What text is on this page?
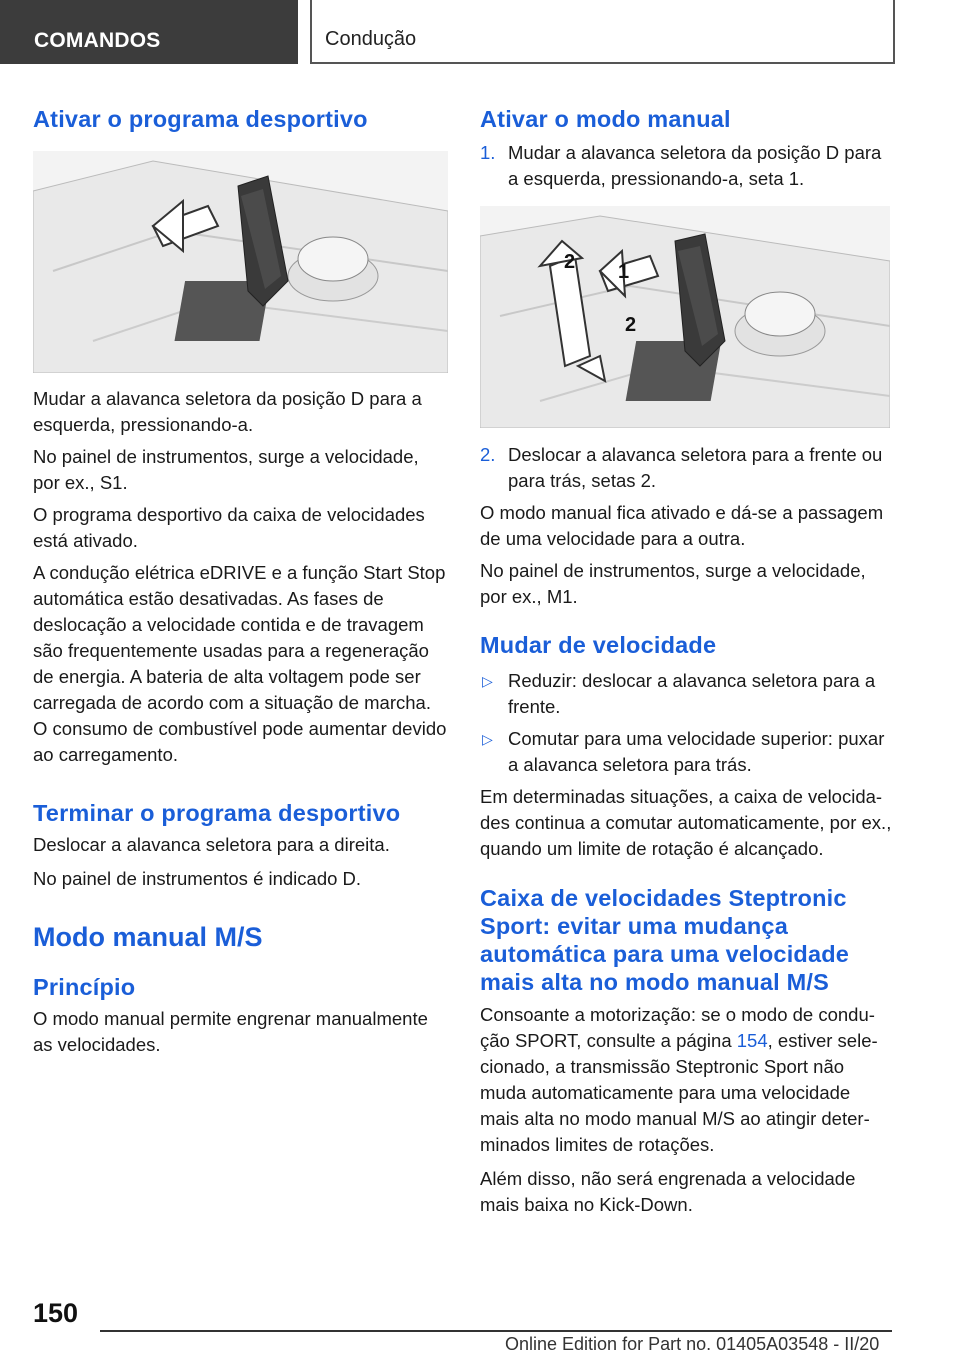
COMANDOS	Condução
Ativar o programa desportivo

Mudar a alavanca seletora da posição D para a esquerda, pressionando-a.

No painel de instrumentos, surge a velocidade, por ex., S1.

O programa desportivo da caixa de velocidades está ativado.

A condução elétrica eDRIVE e a função Start Stop automática estão desativadas. As fases de deslocação a velocidade contida e de travagem são frequentemente usadas para a regeneração de energia. A bateria de alta voltagem pode ser carregada de acordo com a situação de marcha. O consumo de combustível pode aumentar devido ao carregamento.

Terminar o programa desportivo

Deslocar a alavanca seletora para a direita.

No painel de instrumentos é indicado D.

Modo manual M/S
Princípio

O modo manual permite engrenar manualmente as velocidades.

Ativar o modo manual
1. Mudar a alavanca seletora da posição D para a esquerda, pressionando-a, seta 1.
1
2
2
2. Deslocar a alavanca seletora para a frente ou para trás, setas 2.

O modo manual fica ativado e dá-se a passagem de uma velocidade para a outra.

No painel de instrumentos, surge a velocidade, por ex., M1.

Mudar de velocidade
▷ Reduzir: deslocar a alavanca seletora para a frente.
▷ Comutar para uma velocidade superior: puxar a alavanca seletora para trás.

Em determinadas situações, a caixa de velocidades continua a comutar automaticamente, por ex., quando um limite de rotação é alcançado.

Caixa de velocidades Steptronic Sport: evitar uma mudança automática para uma velocidade mais alta no modo manual M/S

Consoante a motorização: se o modo de condução SPORT, consulte a página 154, estiver selecionado, a transmissão Steptronic Sport não muda automaticamente para uma velocidade mais alta no modo manual M/S ao atingir determinados limites de rotações.

Além disso, não será engrenada a velocidade mais baixa no Kick-Down.

150
Online Edition for Part no. 01405A03548 - II/20
